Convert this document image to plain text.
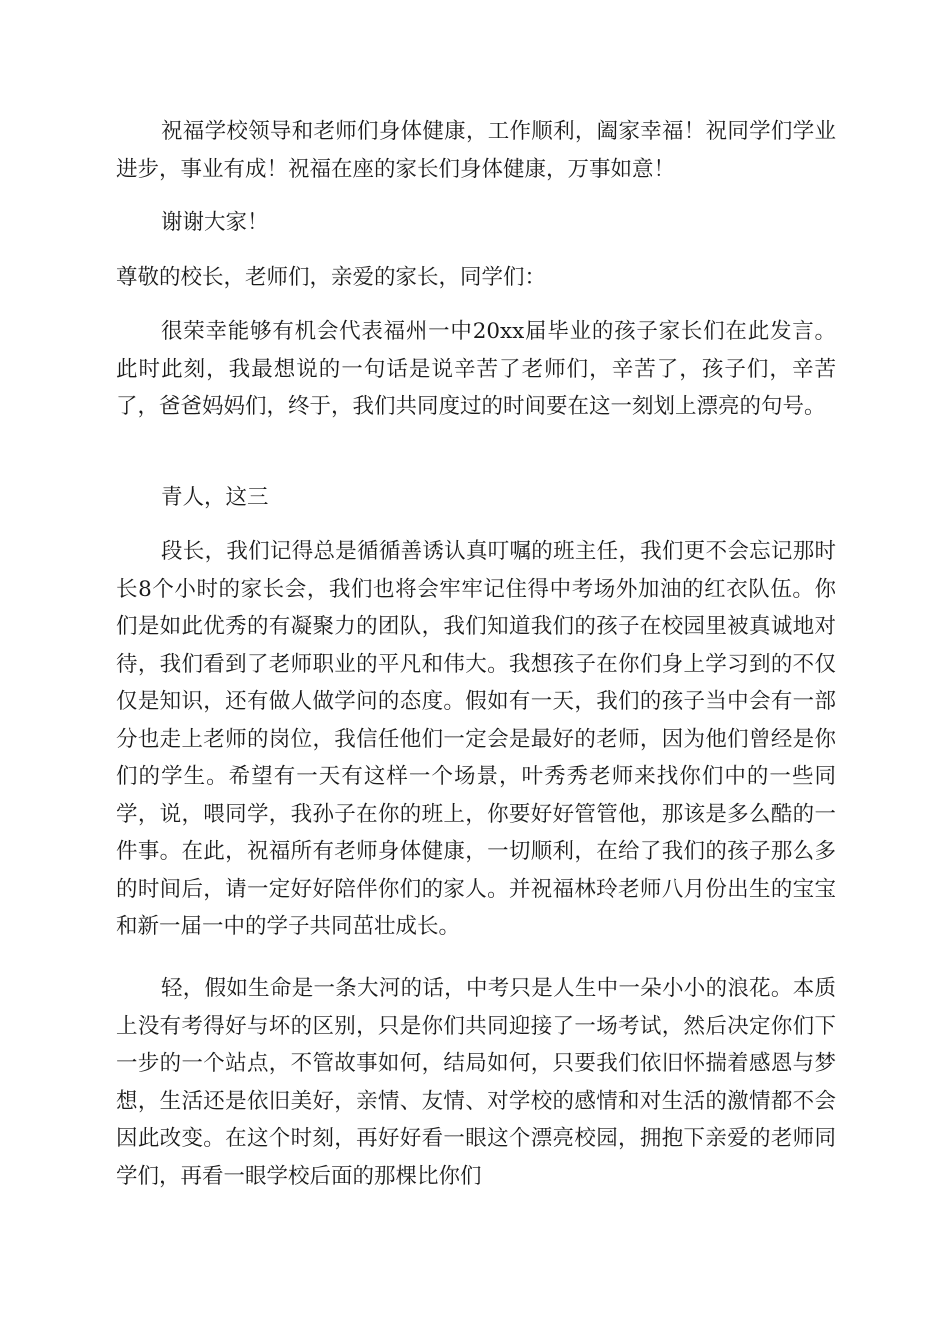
祝福学校领导和老师们身体健康，工作顺利，阖家幸福！祝同学们学业进步，事业有成！祝福在座的家长们身体健康，万事如意！

谢谢大家！

尊敬的校长，老师们，亲爱的家长，同学们：

很荣幸能够有机会代表福州一中20xx届毕业的孩子家长们在此发言。此时此刻，我最想说的一句话是说辛苦了老师们，辛苦了，孩子们，辛苦了，爸爸妈妈们，终于，我们共同度过的时间要在这一刻划上漂亮的句号。

青人，这三

段长，我们记得总是循循善诱认真叮嘱的班主任，我们更不会忘记那时长8个小时的家长会，我们也将会牢牢记住得中考场外加油的红衣队伍。你们是如此优秀的有凝聚力的团队，我们知道我们的孩子在校园里被真诚地对待，我们看到了老师职业的平凡和伟大。我想孩子在你们身上学习到的不仅仅是知识，还有做人做学问的态度。假如有一天，我们的孩子当中会有一部分也走上老师的岗位，我信任他们一定会是最好的老师，因为他们曾经是你们的学生。希望有一天有这样一个场景，叶秀秀老师来找你们中的一些同学，说，喂同学，我孙子在你的班上，你要好好管管他，那该是多么酷的一件事。在此，祝福所有老师身体健康，一切顺利，在给了我们的孩子那么多的时间后，请一定好好陪伴你们的家人。并祝福林玲老师八月份出生的宝宝和新一届一中的学子共同茁壮成长。

轻，假如生命是一条大河的话，中考只是人生中一朵小小的浪花。本质上没有考得好与坏的区别，只是你们共同迎接了一场考试，然后决定你们下一步的一个站点，不管故事如何，结局如何，只要我们依旧怀揣着感恩与梦想，生活还是依旧美好，亲情、友情、对学校的感情和对生活的激情都不会因此改变。在这个时刻，再好好看一眼这个漂亮校园，拥抱下亲爱的老师同学们，再看一眼学校后面的那棵比你们
